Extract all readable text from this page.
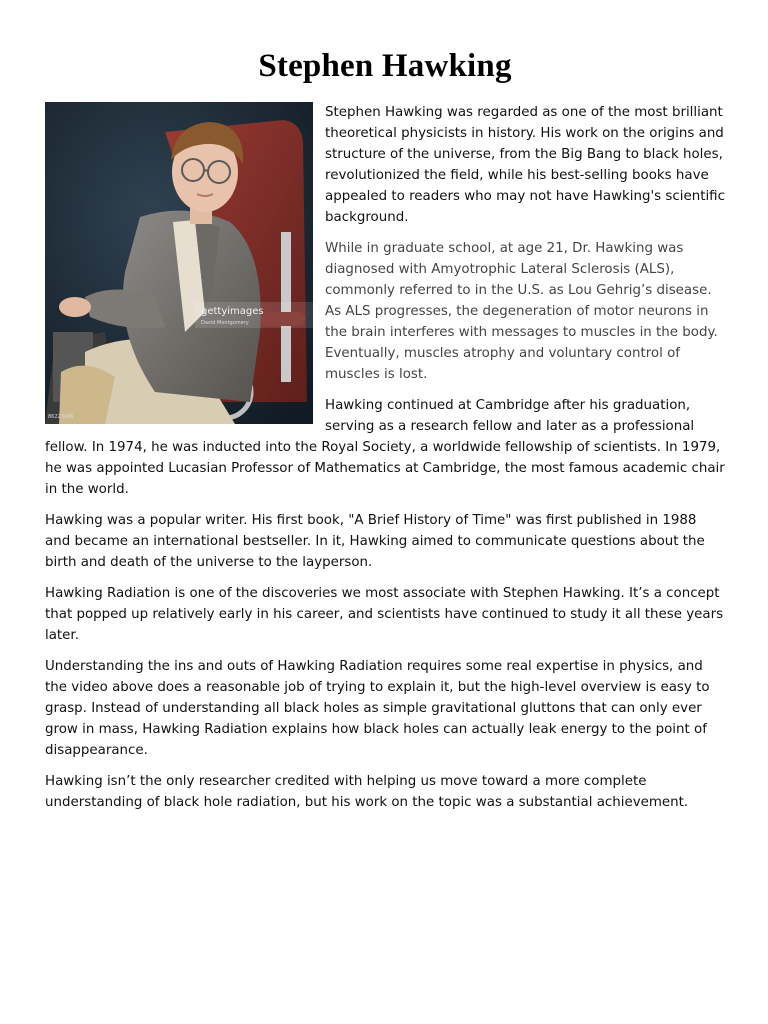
Stephen Hawking
gettyimages
David Montgomery
86223436

Stephen Hawking was regarded as one of the most brilliant theoretical physicists in history. His work on the origins and structure of the universe, from the Big Bang to black holes, revolutionized the field, while his best-selling books have appealed to readers who may not have Hawking's scientific background.

While in graduate school, at age 21, Dr. Hawking was diagnosed with Amyotrophic Lateral Sclerosis (ALS), commonly referred to in the U.S. as Lou Gehrig’s disease. As ALS progresses, the degeneration of motor neurons in the brain interferes with messages to muscles in the body. Eventually, muscles atrophy and voluntary control of muscles is lost.

Hawking continued at Cambridge after his graduation, serving as a research fellow and later as a professional fellow. In 1974, he was inducted into the Royal Society, a worldwide fellowship of scientists. In 1979, he was appointed Lucasian Professor of Mathematics at Cambridge, the most famous academic chair in the world.

Hawking was a popular writer. His first book, "A Brief History of Time" was first published in 1988 and became an international bestseller. In it, Hawking aimed to communicate questions about the birth and death of the universe to the layperson.

Hawking Radiation is one of the discoveries we most associate with Stephen Hawking. It’s a concept that popped up relatively early in his career, and scientists have continued to study it all these years later.

Understanding the ins and outs of Hawking Radiation requires some real expertise in physics, and the video above does a reasonable job of trying to explain it, but the high-level overview is easy to grasp. Instead of understanding all black holes as simple gravitational gluttons that can only ever grow in mass, Hawking Radiation explains how black holes can actually leak energy to the point of disappearance.

Hawking isn’t the only researcher credited with helping us move toward a more complete understanding of black hole radiation, but his work on the topic was a substantial achievement.
